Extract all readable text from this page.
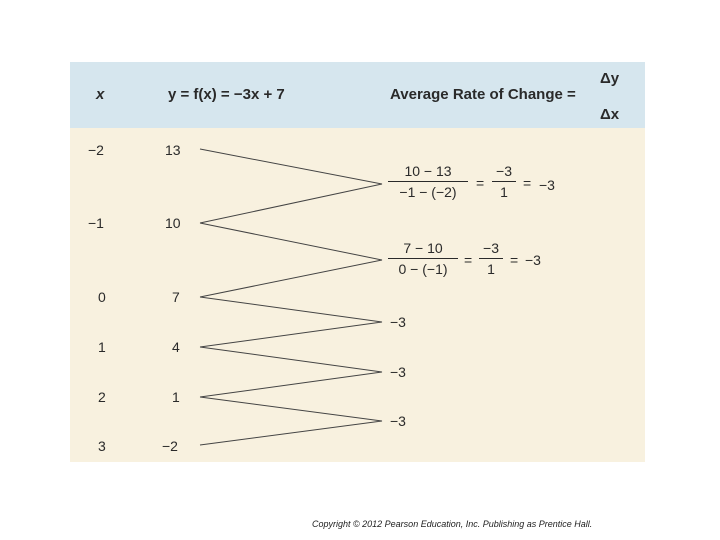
x	y = f(x) = −3x + 7	Average Rate of Change =
Δy
Δx
−2
−1
0
1
2
3
13
10
7
4
1
−2
10 − 13
−1 − (−2)
=
−3
1
= −3
7 − 10
0 − (−1)
=
−3
1
= −3
−3
−3
−3
Copyright © 2012 Pearson Education, Inc. Publishing as Prentice Hall.
